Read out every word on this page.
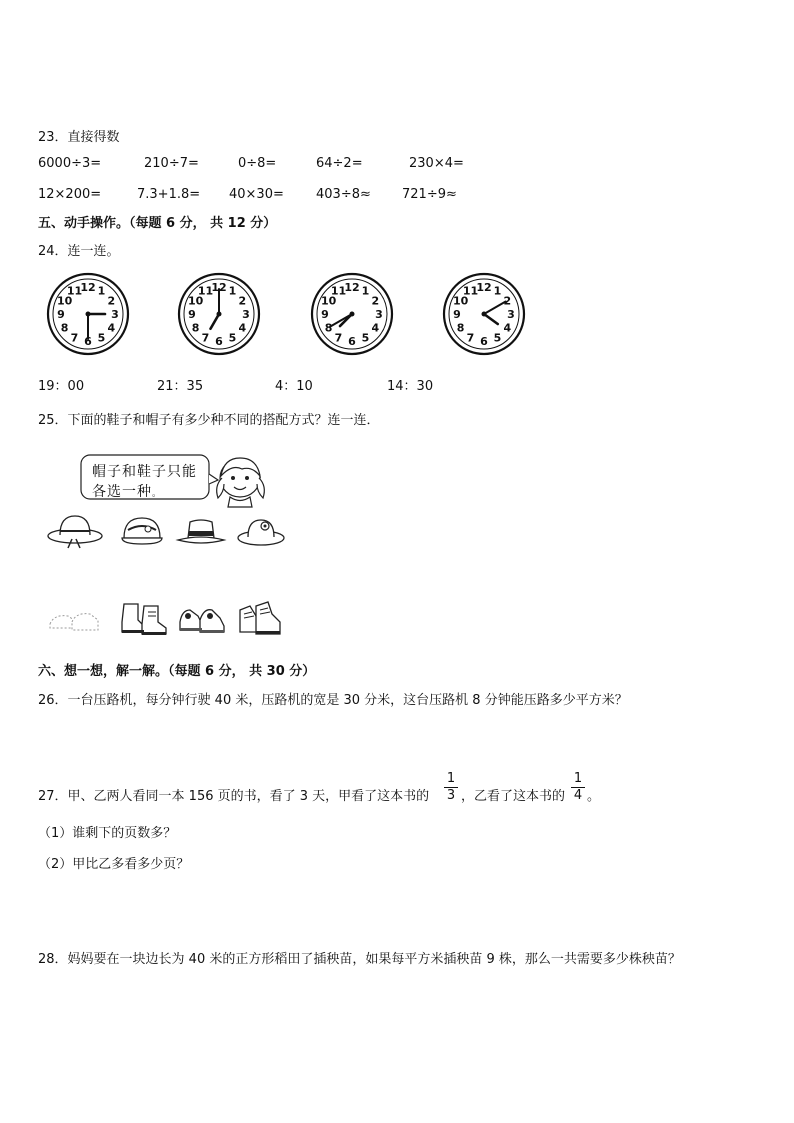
23．直接得数
6000÷3=	210÷7=	0÷8=	64÷2=	230×4=
12×200=	7.3+1.8= 40×30= 403÷8≈ 721÷9≈
五、动手操作。（每题 6 分， 共 12 分）
24．连一连。
12 1
2
3
4
5
6
7
8
9
10
11	12 1
2
3
4
5
6
7
8
9
10
11	12 1
2
3
4
5
6
7
8
9
10
11	12 1
2
3
4
5
6
7
8
9
10
11
19：00	21：35	4：10	14：30
25．下面的鞋子和帽子有多少种不同的搭配方式？连一连．
帽子和鞋子只能
各选一种。
六、想一想，解一解。（每题 6 分， 共 30 分）
26．一台压路机，每分钟行驶 40 米，压路机的宽是 30 分米，这台压路机 8 分钟能压路多少平方米？
27．甲、乙两人看同一本 156 页的书，看了 3 天，甲看了这本书的
1
3 ，乙看了这本书的
1
4 。
（1）谁剩下的页数多？
（2）甲比乙多看多少页？
28．妈妈要在一块边长为 40 米的正方形稻田了插秧苗，如果每平方米插秧苗 9 株，那么一共需要多少株秧苗？
